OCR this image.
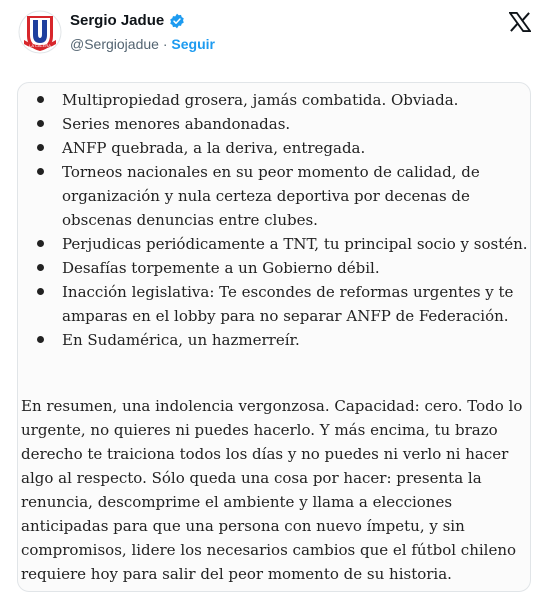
LA CALERA
Sergio Jadue
@Sergiojadue · Seguir
Multipropiedad grosera, jamás combatida. Obviada.
Series menores abandonadas.
ANFP quebrada, a la deriva, entregada.
Torneos nacionales en su peor momento de calidad, de organización y nula certeza deportiva por decenas de obscenas denuncias entre clubes.
Perjudicas periódicamente a TNT, tu principal socio y sostén.
Desafías torpemente a un Gobierno débil.
Inacción legislativa: Te escondes de reformas urgentes y te amparas en el lobby para no separar ANFP de Federación.
En Sudamérica, un hazmerreír.

En resumen, una indolencia vergonzosa. Capacidad: cero. Todo lo urgente, no quieres ni puedes hacerlo. Y más encima, tu brazo derecho te traiciona todos los días y no puedes ni verlo ni hacer algo al respecto. Sólo queda una cosa por hacer: presenta la renuncia, descomprime el ambiente y llama a elecciones anticipadas para que una persona con nuevo ímpetu, y sin compromisos, lidere los necesarios cambios que el fútbol chileno requiere hoy para salir del peor momento de su historia.
